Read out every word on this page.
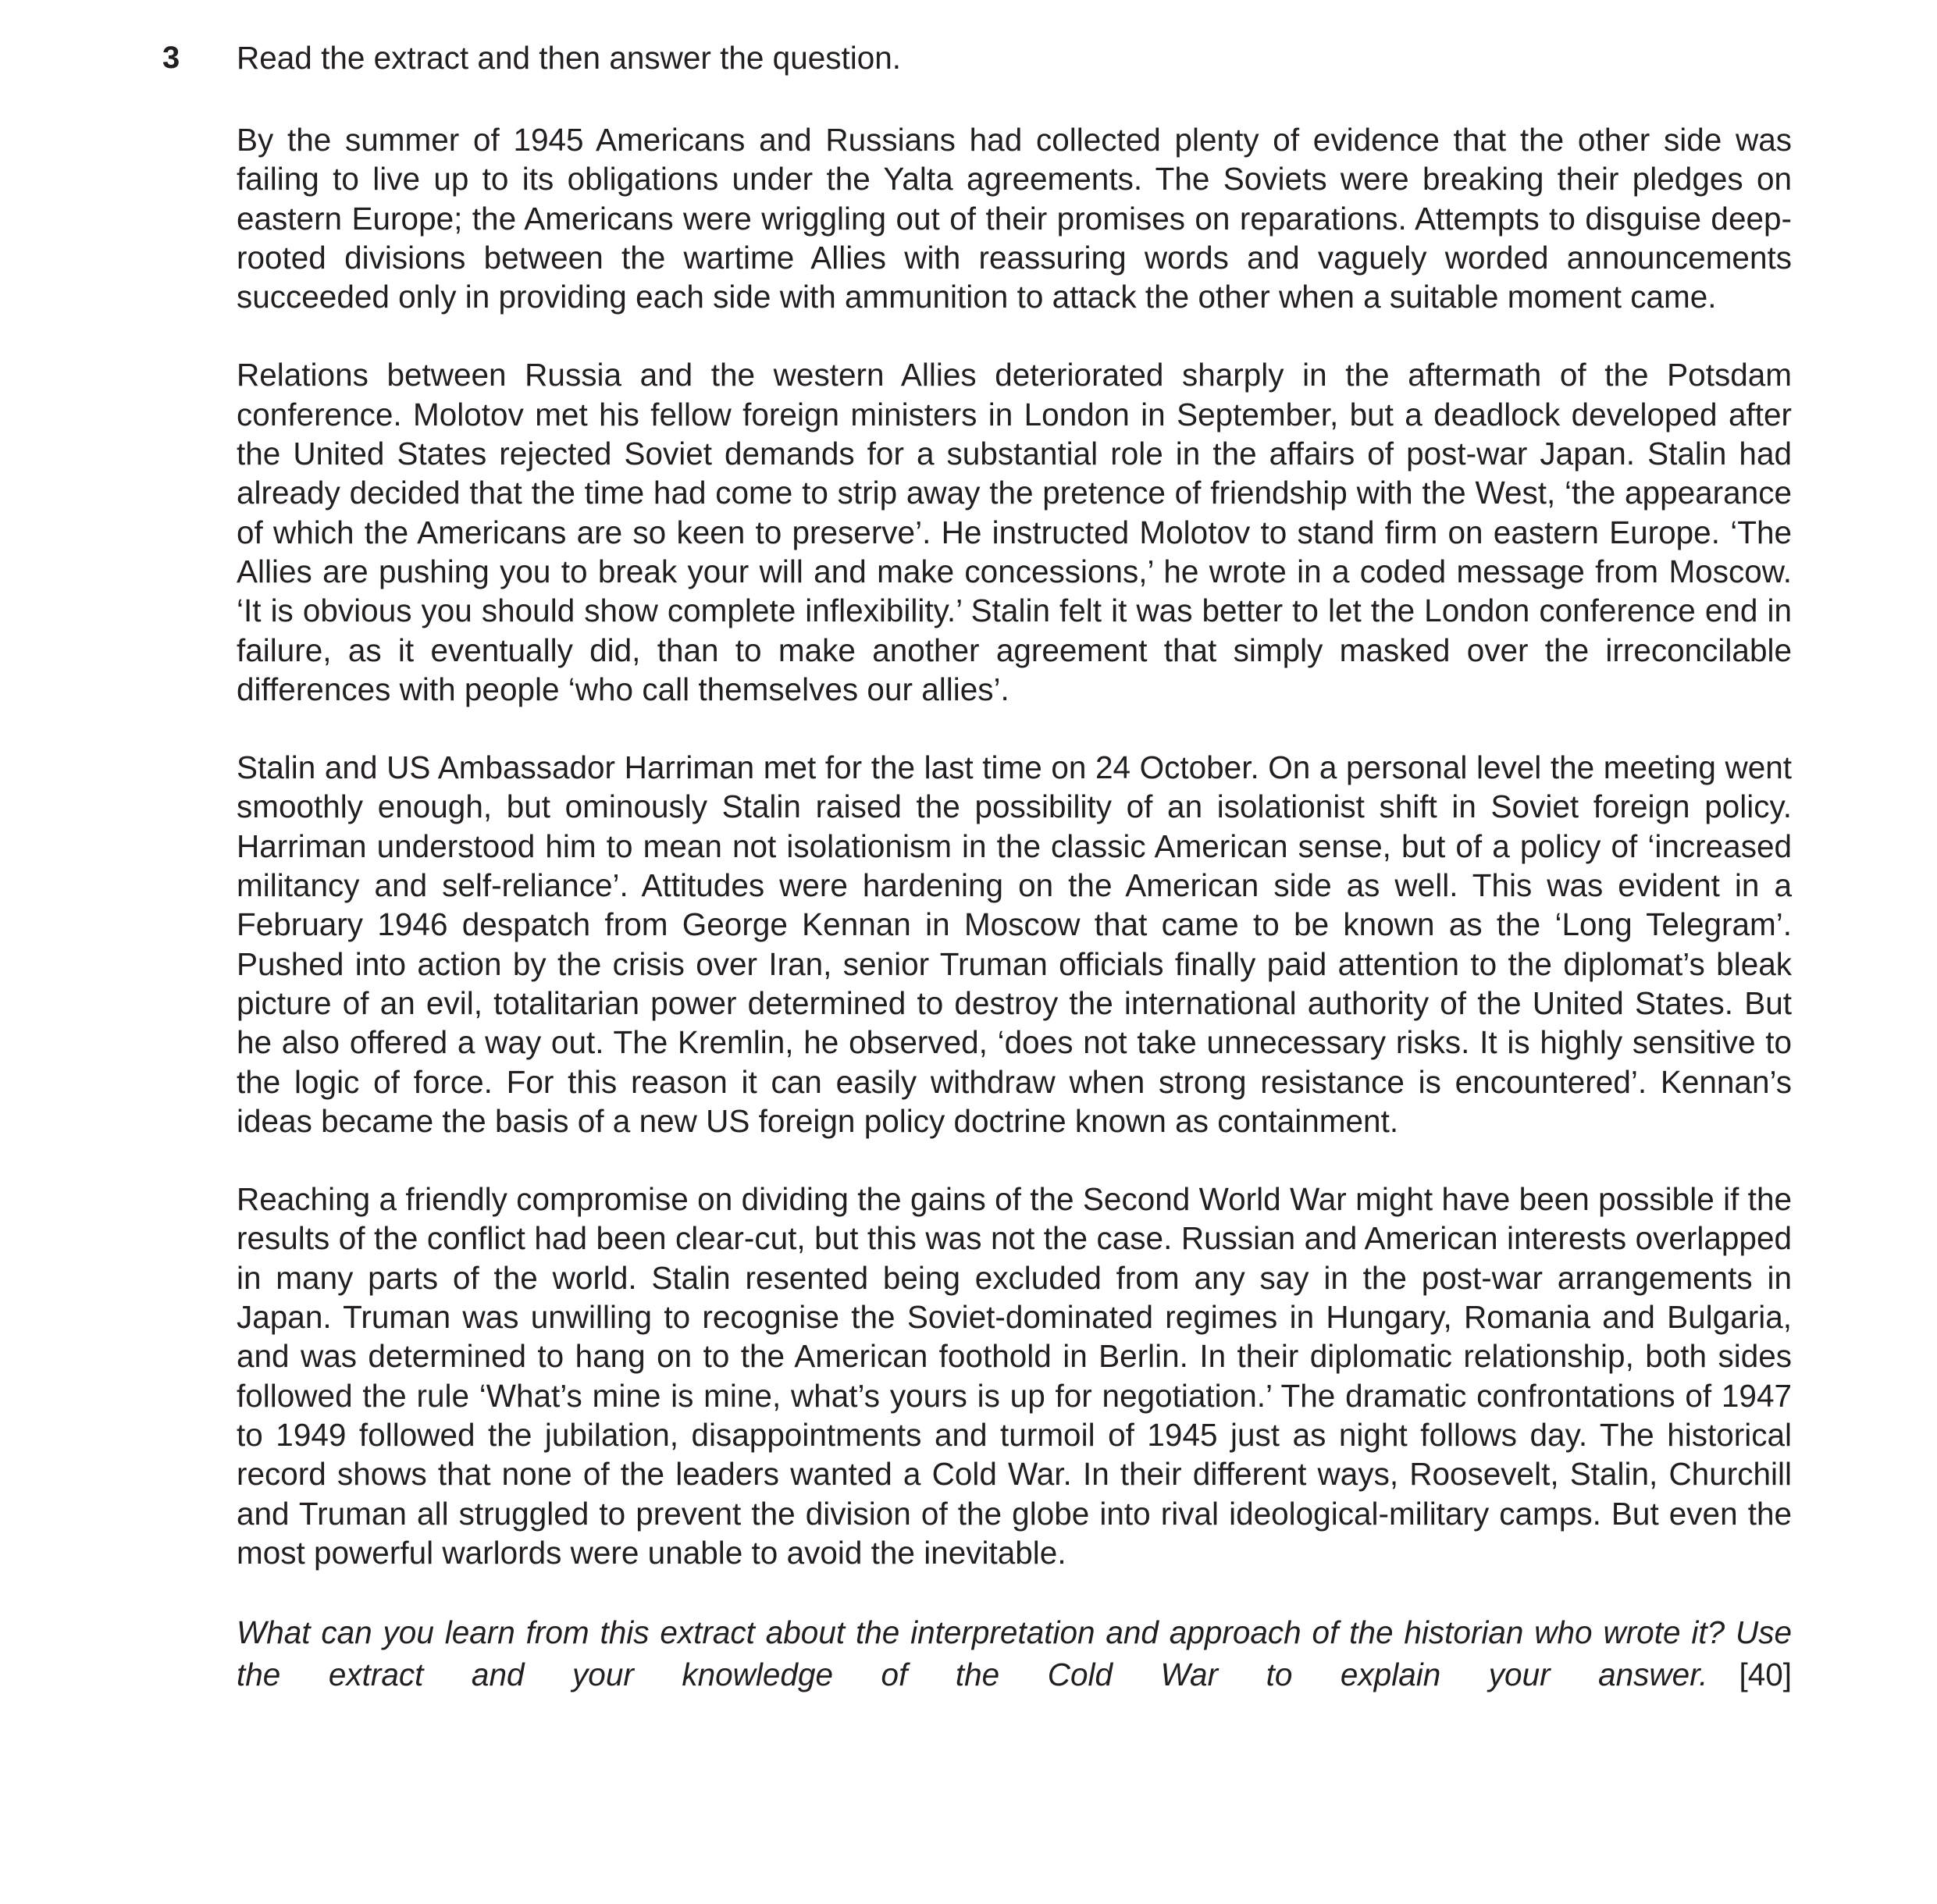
3 Read the extract and then answer the question.

By the summer of 1945 Americans and Russians had collected plenty of evidence that the other side was failing to live up to its obligations under the Yalta agreements. The Soviets were breaking their pledges on eastern Europe; the Americans were wriggling out of their promises on reparations. Attempts to disguise deep-rooted divisions between the wartime Allies with reassuring words and vaguely worded announcements succeeded only in providing each side with ammunition to attack the other when a suitable moment came.

Relations between Russia and the western Allies deteriorated sharply in the aftermath of the Potsdam conference. Molotov met his fellow foreign ministers in London in September, but a deadlock developed after the United States rejected Soviet demands for a substantial role in the affairs of post-war Japan. Stalin had already decided that the time had come to strip away the pretence of friendship with the West, ‘the appearance of which the Americans are so keen to preserve’. He instructed Molotov to stand firm on eastern Europe. ‘The Allies are pushing you to break your will and make concessions,’ he wrote in a coded message from Moscow. ‘It is obvious you should show complete inflexibility.’ Stalin felt it was better to let the London conference end in failure, as it eventually did, than to make another agreement that simply masked over the irreconcilable differences with people ‘who call themselves our allies’.

Stalin and US Ambassador Harriman met for the last time on 24 October. On a personal level the meeting went smoothly enough, but ominously Stalin raised the possibility of an isolationist shift in Soviet foreign policy. Harriman understood him to mean not isolationism in the classic American sense, but of a policy of ‘increased militancy and self-reliance’. Attitudes were hardening on the American side as well. This was evident in a February 1946 despatch from George Kennan in Moscow that came to be known as the ‘Long Telegram’. Pushed into action by the crisis over Iran, senior Truman officials finally paid attention to the diplomat’s bleak picture of an evil, totalitarian power determined to destroy the international authority of the United States. But he also offered a way out. The Kremlin, he observed, ‘does not take unnecessary risks. It is highly sensitive to the logic of force. For this reason it can easily withdraw when strong resistance is encountered’. Kennan’s ideas became the basis of a new US foreign policy doctrine known as containment.

Reaching a friendly compromise on dividing the gains of the Second World War might have been possible if the results of the conflict had been clear-cut, but this was not the case. Russian and American interests overlapped in many parts of the world. Stalin resented being excluded from any say in the post-war arrangements in Japan. Truman was unwilling to recognise the Soviet-dominated regimes in Hungary, Romania and Bulgaria, and was determined to hang on to the American foothold in Berlin. In their diplomatic relationship, both sides followed the rule ‘What’s mine is mine, what’s yours is up for negotiation.’ The dramatic confrontations of 1947 to 1949 followed the jubilation, disappointments and turmoil of 1945 just as night follows day. The historical record shows that none of the leaders wanted a Cold War. In their different ways, Roosevelt, Stalin, Churchill and Truman all struggled to prevent the division of the globe into rival ideological-military camps. But even the most powerful warlords were unable to avoid the inevitable.

What can you learn from this extract about the interpretation and approach of the historian who wrote it? Use the extract and your knowledge of the Cold War to explain your answer. [40]
